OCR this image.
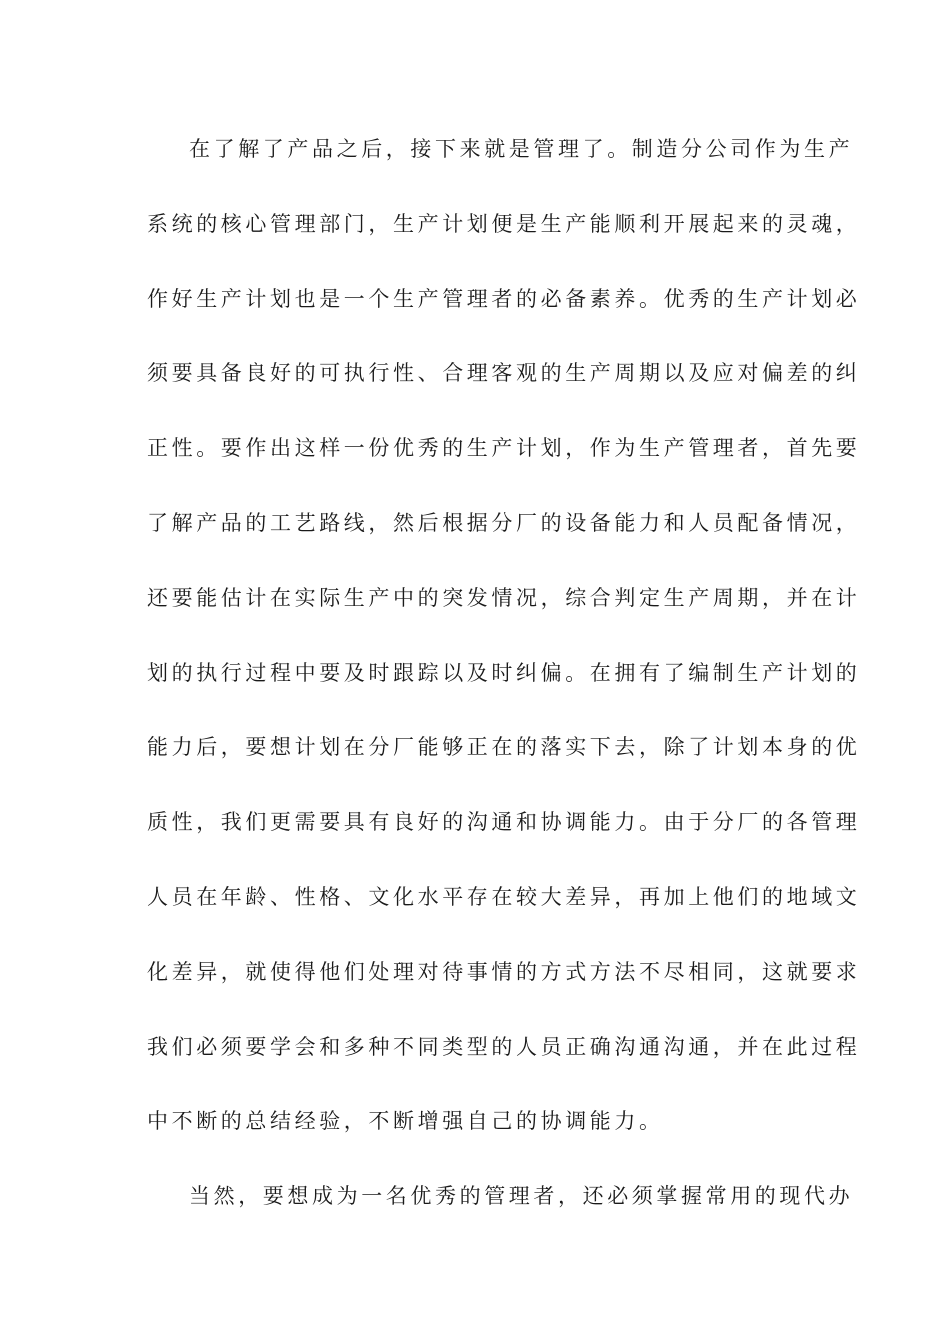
在了解了产品之后，接下来就是管理了。制造分公司作为生产
系统的核心管理部门，生产计划便是生产能顺利开展起来的灵魂，
作好生产计划也是一个生产管理者的必备素养。优秀的生产计划必
须要具备良好的可执行性、合理客观的生产周期以及应对偏差的纠
正性。要作出这样一份优秀的生产计划，作为生产管理者，首先要
了解产品的工艺路线，然后根据分厂的设备能力和人员配备情况，
还要能估计在实际生产中的突发情况，综合判定生产周期，并在计
划的执行过程中要及时跟踪以及时纠偏。在拥有了编制生产计划的
能力后，要想计划在分厂能够正在的落实下去，除了计划本身的优
质性，我们更需要具有良好的沟通和协调能力。由于分厂的各管理
人员在年龄、性格、文化水平存在较大差异，再加上他们的地域文
化差异，就使得他们处理对待事情的方式方法不尽相同，这就要求
我们必须要学会和多种不同类型的人员正确沟通沟通，并在此过程
中不断的总结经验，不断增强自己的协调能力。
当然，要想成为一名优秀的管理者，还必须掌握常用的现代办
